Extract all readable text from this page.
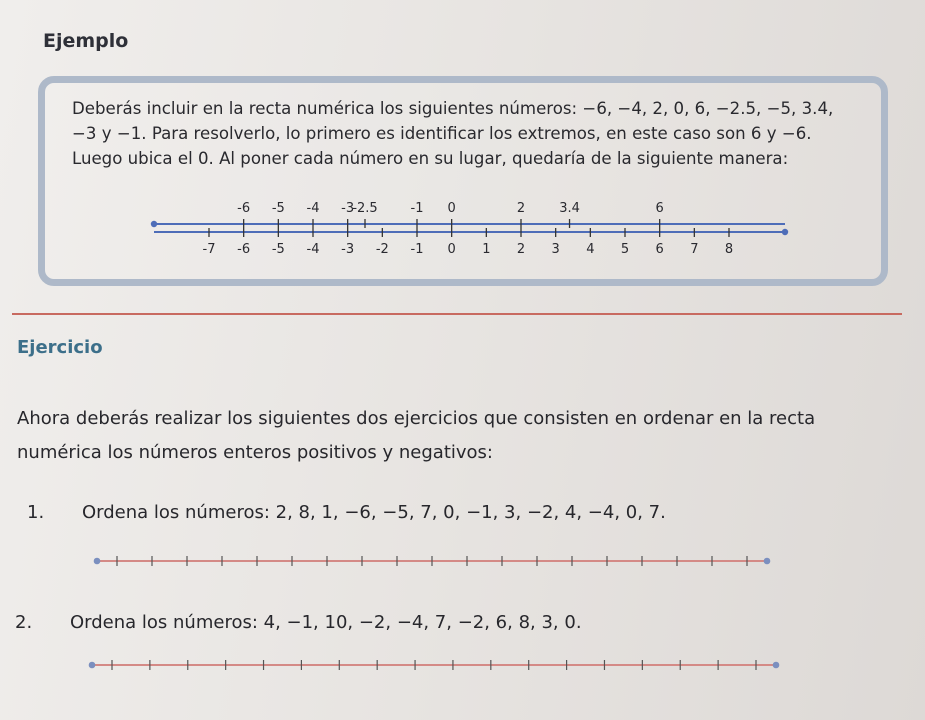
Ejemplo

Deberás incluir en la recta numérica los siguientes números: −6, −4, 2, 0, 6, −2.5, −5, 3.4,

−3 y −1. Para resolverlo, lo primero es identificar los extremos, en este caso son 6 y −6.

Luego ubica el 0. Al poner cada número en su lugar, quedaría de la siguiente manera:

Ejercicio
Ahora deberás realizar los siguientes dos ejercicios que consisten en ordenar en la recta
numérica los números enteros positivos y negativos:
1. Ordena los números: 2, 8, 1, −6, −5, 7, 0, −1, 3, −2, 4, −4, 0, 7.
2. Ordena los números: 4, −1, 10, −2, −4, 7, −2, 6, 8, 3, 0.
-6 -5 -4 -3
-2.5	-1 0	2	3.4	6
-7 -6 -5 -4 -3 -2 -1 0 1 2 3 4 5 6 7 8
